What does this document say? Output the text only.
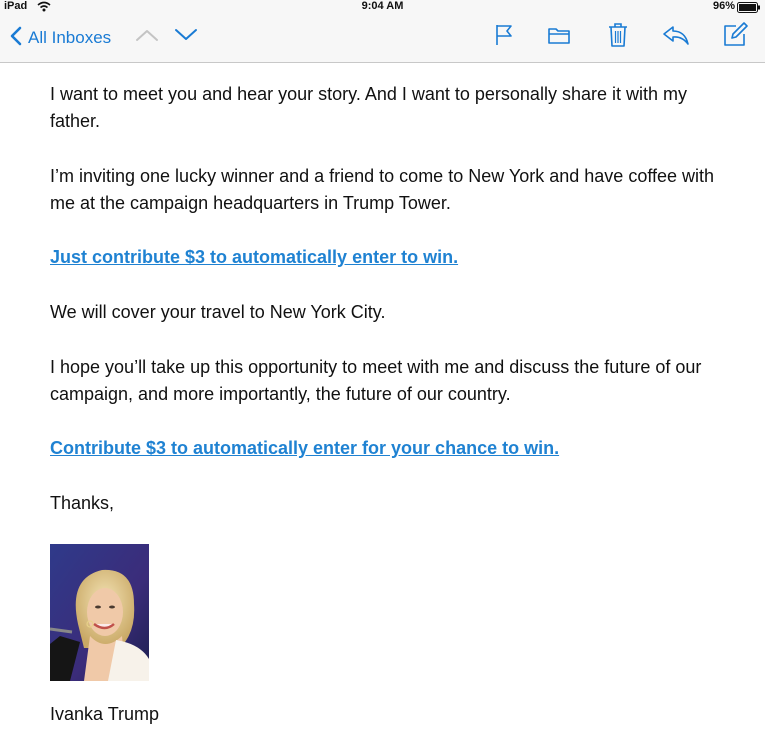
iPad	9:04 AM	96%
All Inboxes

I want to meet you and hear your story. And I want to personally share it with my father.

I’m inviting one lucky winner and a friend to come to New York and have coffee with me at the campaign headquarters in Trump Tower.

Just contribute $3 to automatically enter to win.

We will cover your travel to New York City.

I hope you’ll take up this opportunity to meet with me and discuss the future of our campaign, and more importantly, the future of our country.

Contribute $3 to automatically enter for your chance to win.

Thanks,

Ivanka Trump
